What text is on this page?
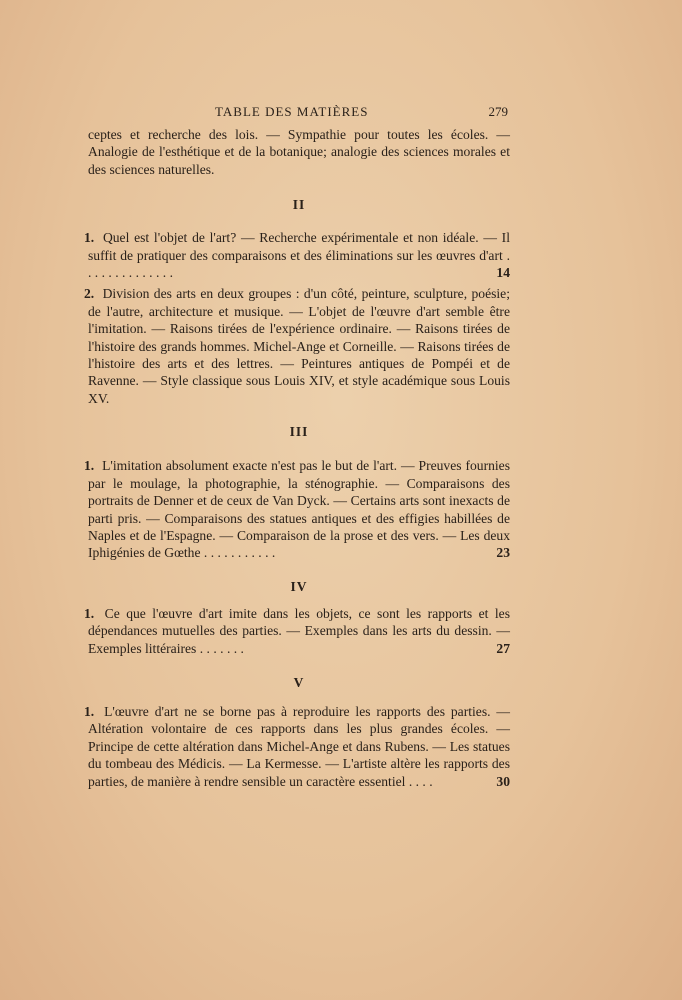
TABLE DES MATIÈRES	279

ceptes et recherche des lois. — Sympathie pour toutes les écoles. — Analogie de l'esthétique et de la botanique; analogie des sciences morales et des sciences naturelles.

II
1. Quel est l'objet de l'art? — Recherche expérimentale et non idéale. — Il suffit de pratiquer des comparaisons et des éliminations sur les œuvres d'art . . . . . . . . . . . . . .	14
2. Division des arts en deux groupes : d'un côté, peinture, sculpture, poésie; de l'autre, architecture et musique. — L'objet de l'œuvre d'art semble être l'imitation. — Raisons tirées de l'expérience ordinaire. — Raisons tirées de l'histoire des grands hommes. Michel-Ange et Corneille. — Raisons tirées de l'histoire des arts et des lettres. — Peintures antiques de Pompéi et de Ravenne. — Style classique sous Louis XIV, et style académique sous Louis XV.
III
1. L'imitation absolument exacte n'est pas le but de l'art. — Preuves fournies par le moulage, la photographie, la sténographie. — Comparaisons des portraits de Denner et de ceux de Van Dyck. — Certains arts sont inexacts de parti pris. — Comparaisons des statues antiques et des effigies habillées de Naples et de l'Espagne. — Comparaison de la prose et des vers. — Les deux Iphigénies de Gœthe . . . . . . . . . . .	23
IV
1. Ce que l'œuvre d'art imite dans les objets, ce sont les rapports et les dépendances mutuelles des parties. — Exemples dans les arts du dessin. — Exemples littéraires . . . . . . .	27
V
1. L'œuvre d'art ne se borne pas à reproduire les rapports des parties. — Altération volontaire de ces rapports dans les plus grandes écoles. — Principe de cette altération dans Michel-Ange et dans Rubens. — Les statues du tombeau des Médicis. — La Kermesse. — L'artiste altère les rapports des parties, de manière à rendre sensible un caractère essentiel . . . .	30
